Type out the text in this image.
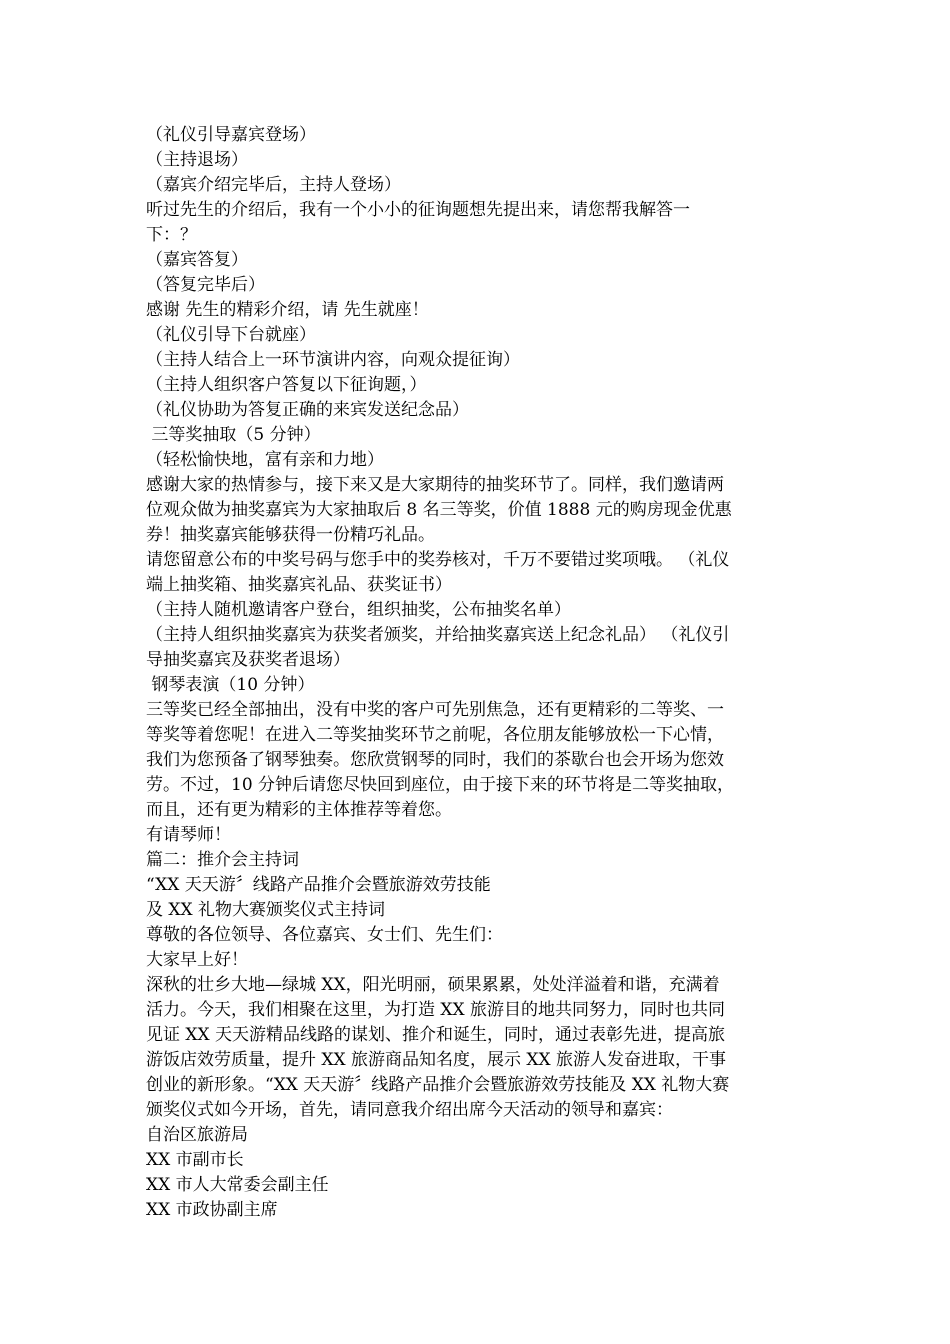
（礼仪引导嘉宾登场）
（主持退场）
（嘉宾介绍完毕后，主持人登场）
听过先生的介绍后，我有一个小小的征询题想先提出来，请您帮我解答一
下：？
（嘉宾答复）
（答复完毕后）
感谢 先生的精彩介绍，请 先生就座！
（礼仪引导下台就座）
（主持人结合上一环节演讲内容，向观众提征询）
（主持人组织客户答复以下征询题，）
（礼仪协助为答复正确的来宾发送纪念品）
三等奖抽取（5 分钟）
（轻松愉快地，富有亲和力地）
感谢大家的热情参与，接下来又是大家期待的抽奖环节了。同样，我们邀请两
位观众做为抽奖嘉宾为大家抽取后 8 名三等奖，价值 1888 元的购房现金优惠
券！抽奖嘉宾能够获得一份精巧礼品。
请您留意公布的中奖号码与您手中的奖券核对，千万不要错过奖项哦。 （礼仪
端上抽奖箱、抽奖嘉宾礼品、获奖证书）
（主持人随机邀请客户登台，组织抽奖，公布抽奖名单）
（主持人组织抽奖嘉宾为获奖者颁奖，并给抽奖嘉宾送上纪念礼品） （礼仪引
导抽奖嘉宾及获奖者退场）
钢琴表演（10 分钟）
三等奖已经全部抽出，没有中奖的客户可先别焦急，还有更精彩的二等奖、一
等奖等着您呢！在进入二等奖抽奖环节之前呢，各位朋友能够放松一下心情，
我们为您预备了钢琴独奏。您欣赏钢琴的同时，我们的茶歇台也会开场为您效
劳。不过，10 分钟后请您尽快回到座位，由于接下来的环节将是二等奖抽取，
而且，还有更为精彩的主体推荐等着您。
有请琴师！
篇二：推介会主持词
“XX 天天游〞线路产品推介会暨旅游效劳技能
及 XX 礼物大赛颁奖仪式主持词
尊敬的各位领导、各位嘉宾、女士们、先生们：
大家早上好！
深秋的壮乡大地—绿城 XX，阳光明丽，硕果累累，处处洋溢着和谐，充满着
活力。今天，我们相聚在这里，为打造 XX 旅游目的地共同努力，同时也共同
见证 XX 天天游精品线路的谋划、推介和诞生，同时，通过表彰先进，提高旅
游饭店效劳质量，提升 XX 旅游商品知名度，展示 XX 旅游人发奋进取，干事
创业的新形象。“XX 天天游〞线路产品推介会暨旅游效劳技能及 XX 礼物大赛
颁奖仪式如今开场，首先，请同意我介绍出席今天活动的领导和嘉宾：
自治区旅游局
XX 市副市长
XX 市人大常委会副主任
XX 市政协副主席
